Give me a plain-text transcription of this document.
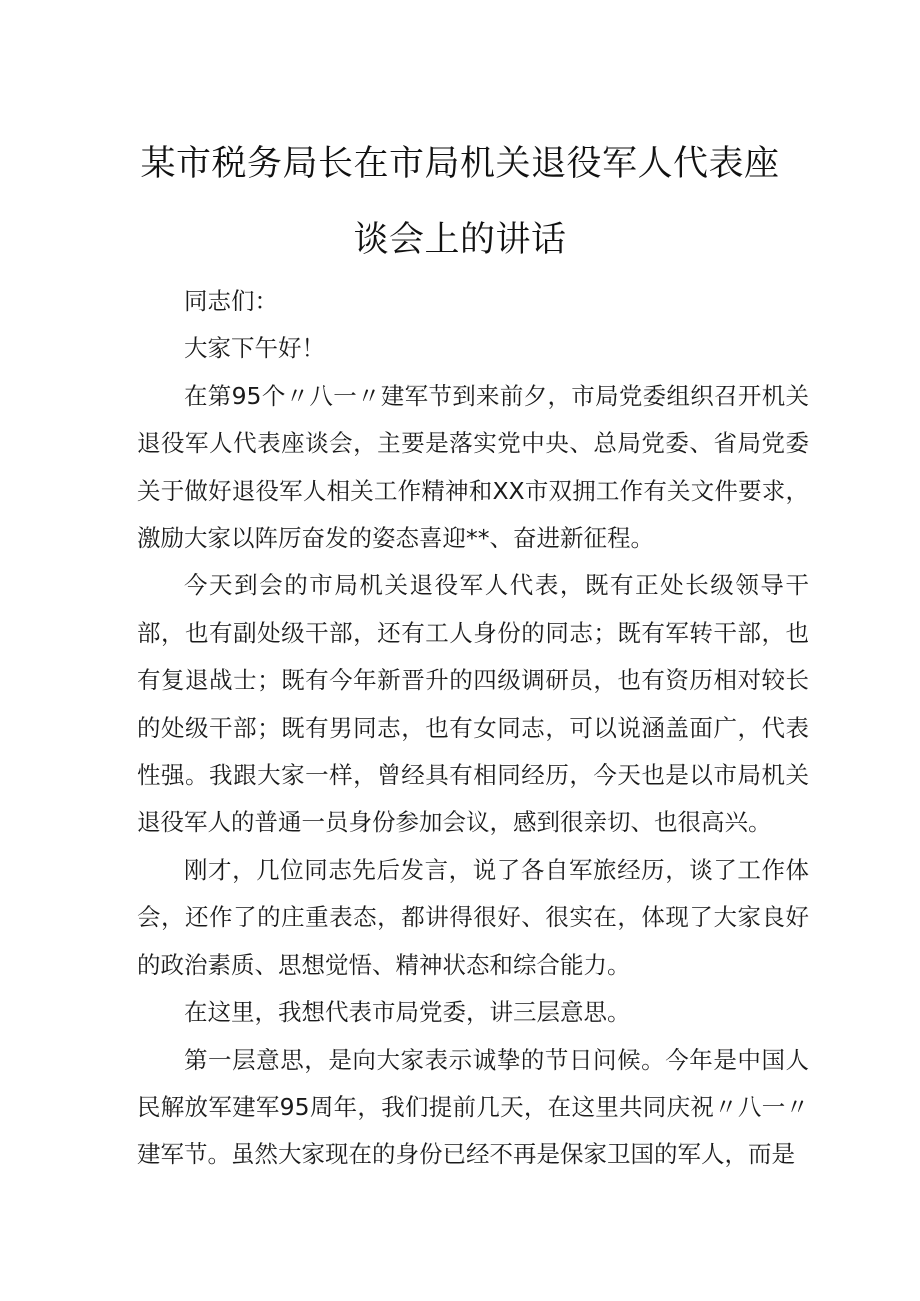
某市税务局长在市局机关退役军人代表座
谈会上的讲话

同志们：

大家下午好！

在第95个〃八一〃建军节到来前夕，市局党委组织召开机关退役军人代表座谈会，主要是落实党中央、总局党委、省局党委关于做好退役军人相关工作精神和XX市双拥工作有关文件要求，激励大家以阵厉奋发的姿态喜迎**、奋进新征程。

今天到会的市局机关退役军人代表，既有正处长级领导干部，也有副处级干部，还有工人身份的同志；既有军转干部，也有复退战士；既有今年新晋升的四级调研员，也有资历相对较长的处级干部；既有男同志，也有女同志，可以说涵盖面广，代表性强。我跟大家一样，曾经具有相同经历，今天也是以市局机关退役军人的普通一员身份参加会议，感到很亲切、也很高兴。

刚才，几位同志先后发言，说了各自军旅经历，谈了工作体会，还作了的庄重表态，都讲得很好、很实在，体现了大家良好的政治素质、思想觉悟、精神状态和综合能力。

在这里，我想代表市局党委，讲三层意思。

第一层意思，是向大家表示诚挚的节日问候。今年是中国人民解放军建军95周年，我们提前几天，在这里共同庆祝〃八一〃建军节。虽然大家现在的身份已经不再是保家卫国的军人，而是
